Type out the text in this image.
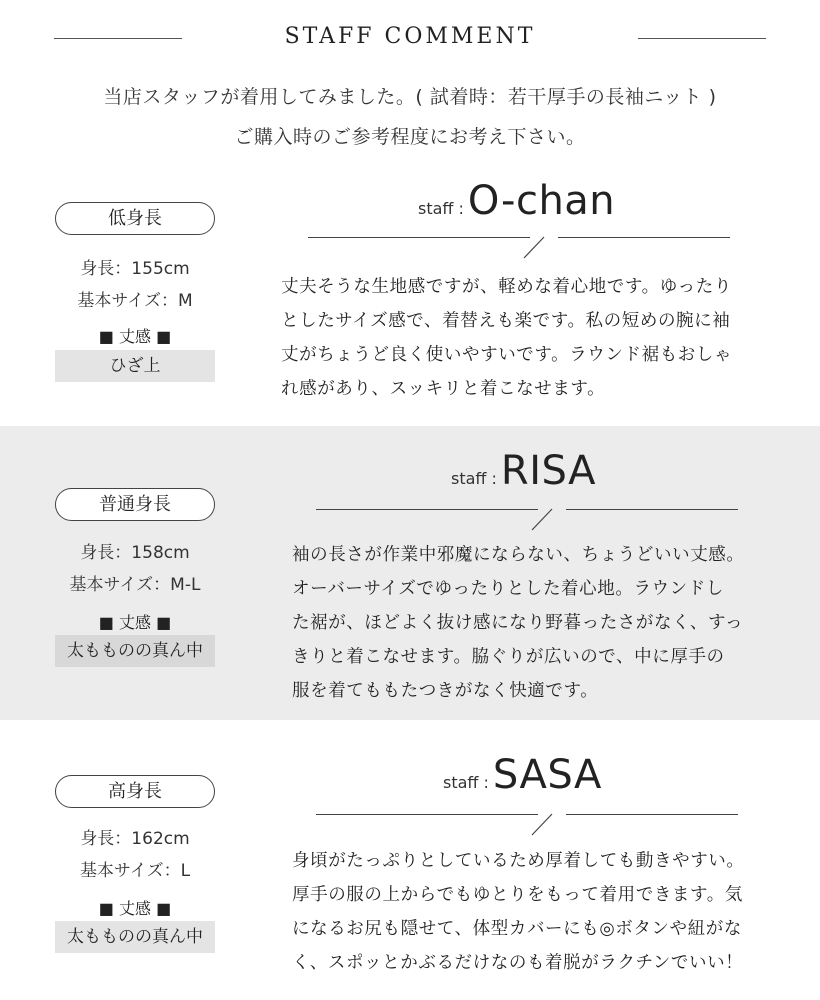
STAFF COMMENT
当店スタッフが着用してみました。( 試着時：若干厚手の長袖ニット )
ご購入時のご参考程度にお考え下さい。
低身長
身長：155cm
基本サイズ：M
■ 丈感 ■
ひざ上
staff : O-chan
丈夫そうな生地感ですが、軽めな着心地です。ゆったり
としたサイズ感で、着替えも楽です。私の短めの腕に袖
丈がちょうど良く使いやすいです。ラウンド裾もおしゃ
れ感があり、スッキリと着こなせます。
普通身長
身長：158cm
基本サイズ：M-L
■ 丈感 ■
太もものの真ん中
staff : RISA
袖の長さが作業中邪魔にならない、ちょうどいい丈感。
オーバーサイズでゆったりとした着心地。ラウンドし
た裾が、ほどよく抜け感になり野暮ったさがなく、すっ
きりと着こなせます。脇ぐりが広いので、中に厚手の
服を着てももたつきがなく快適です。
高身長
身長：162cm
基本サイズ：L
■ 丈感 ■
太もものの真ん中
staff : SASA
身頃がたっぷりとしているため厚着しても動きやすい。
厚手の服の上からでもゆとりをもって着用できます。気
になるお尻も隠せて、体型カバーにも◎ボタンや紐がな
く、スポッとかぶるだけなのも着脱がラクチンでいい！
